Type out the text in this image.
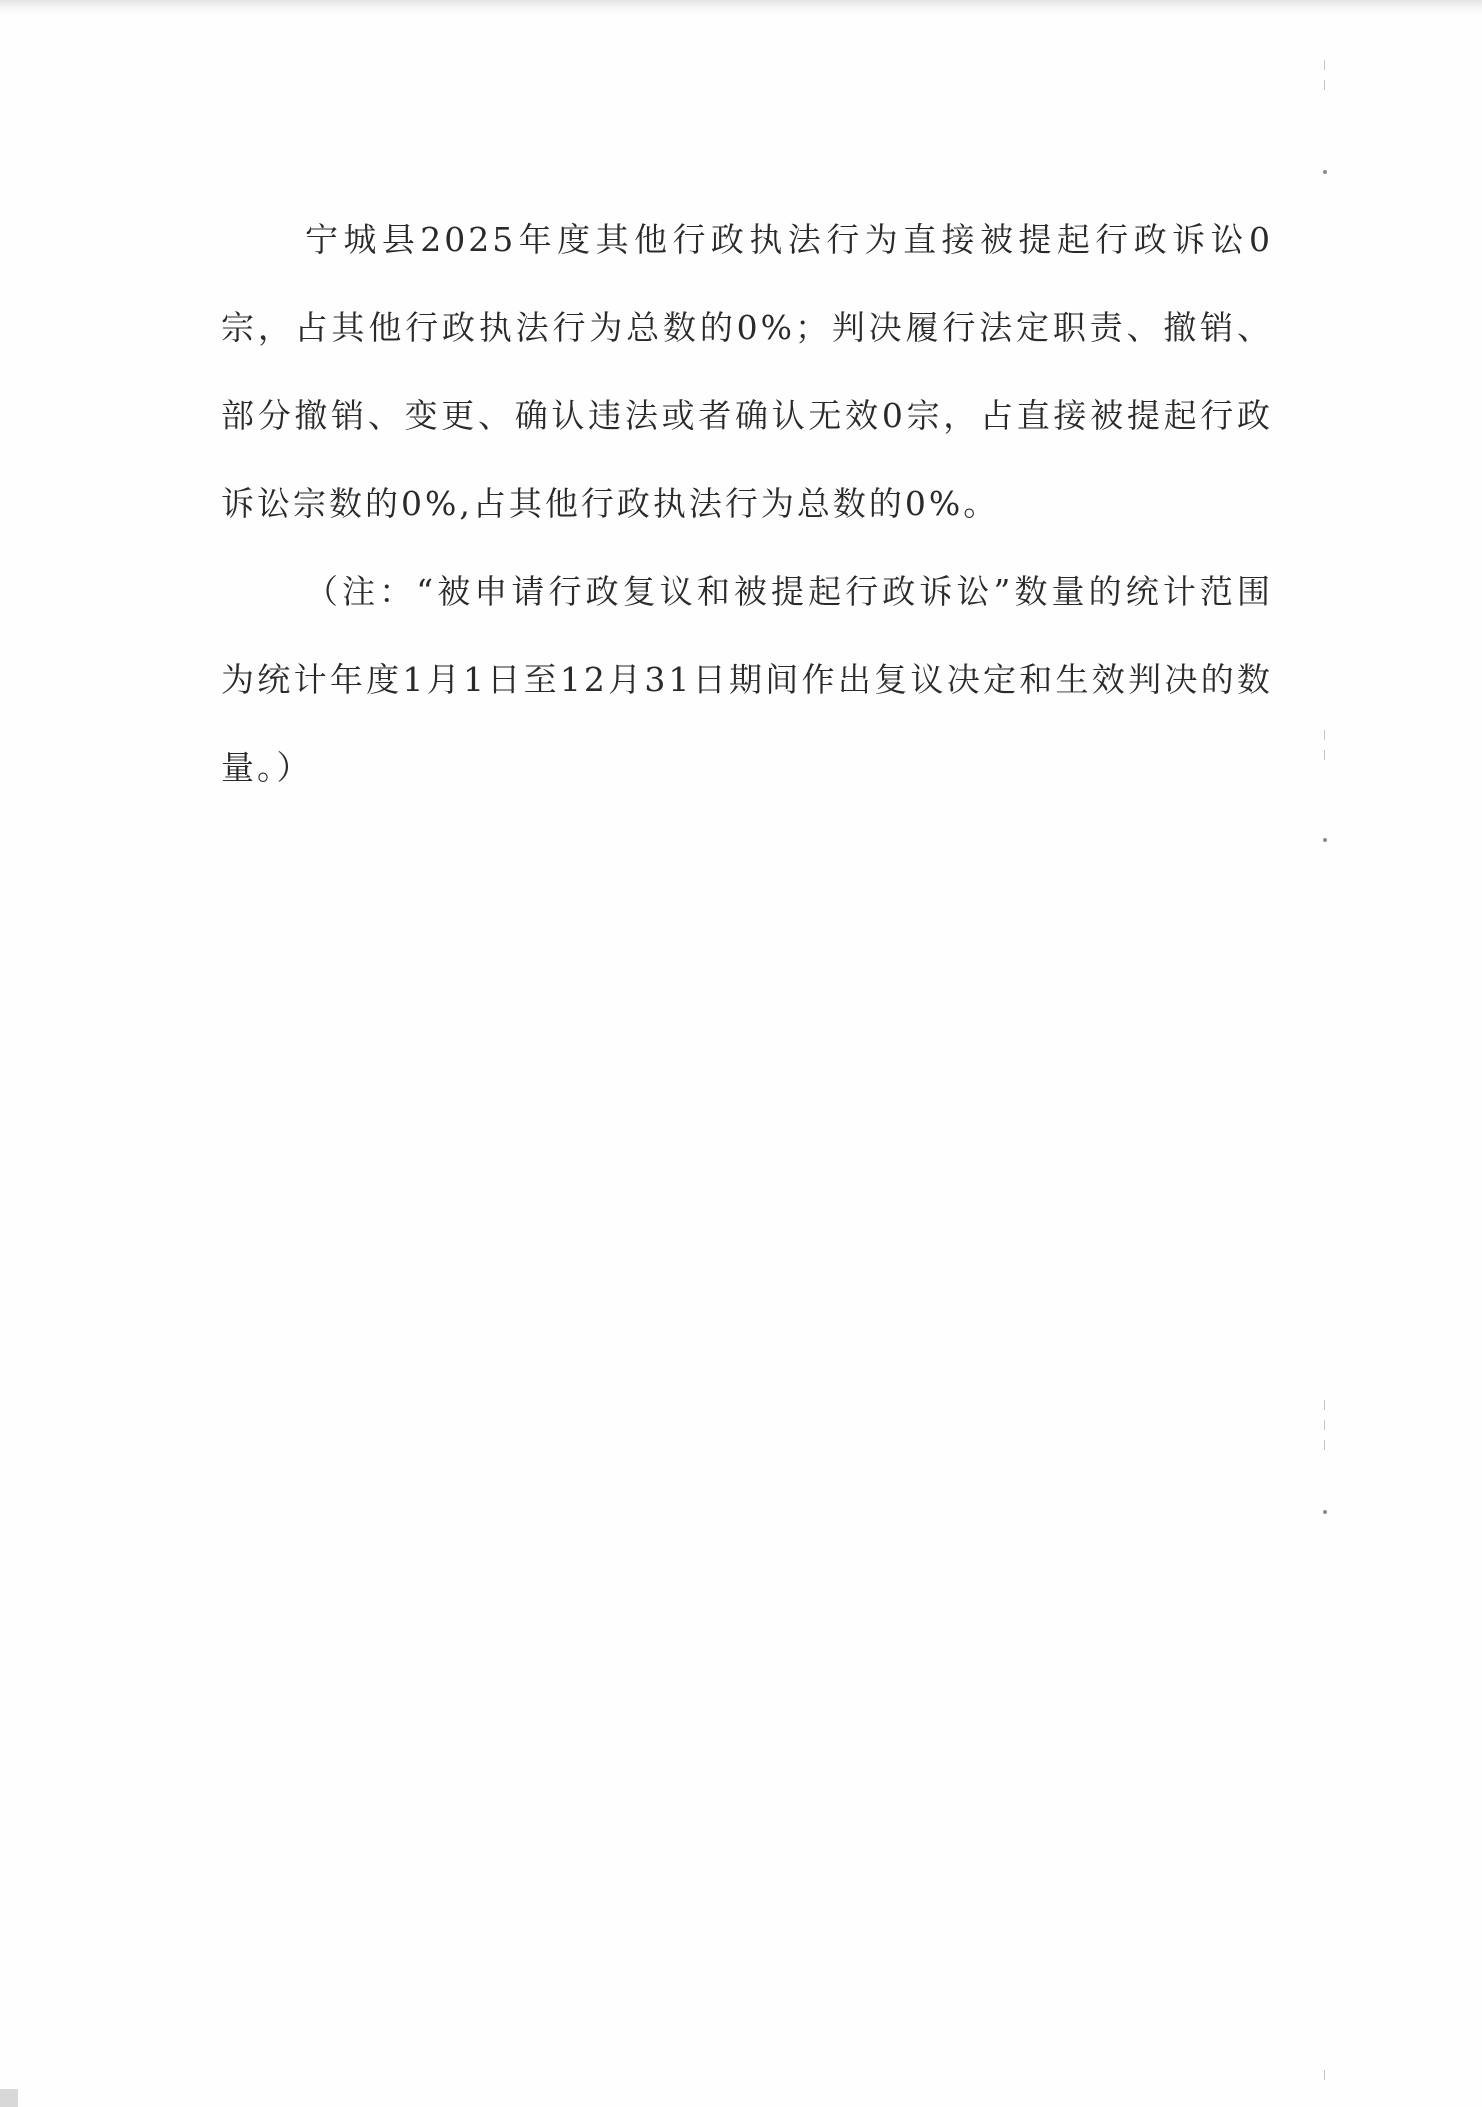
宁城县2025年度其他行政执法行为直接被提起行政诉讼0宗，占其他行政执法行为总数的0%；判决履行法定职责、撤销、部分撤销、变更、确认违法或者确认无效0宗，占直接被提起行政诉讼宗数的0%,占其他行政执法行为总数的0%。

（注：“被申请行政复议和被提起行政诉讼”数量的统计范围为统计年度1月1日至12月31日期间作出复议决定和生效判决的数量。）
